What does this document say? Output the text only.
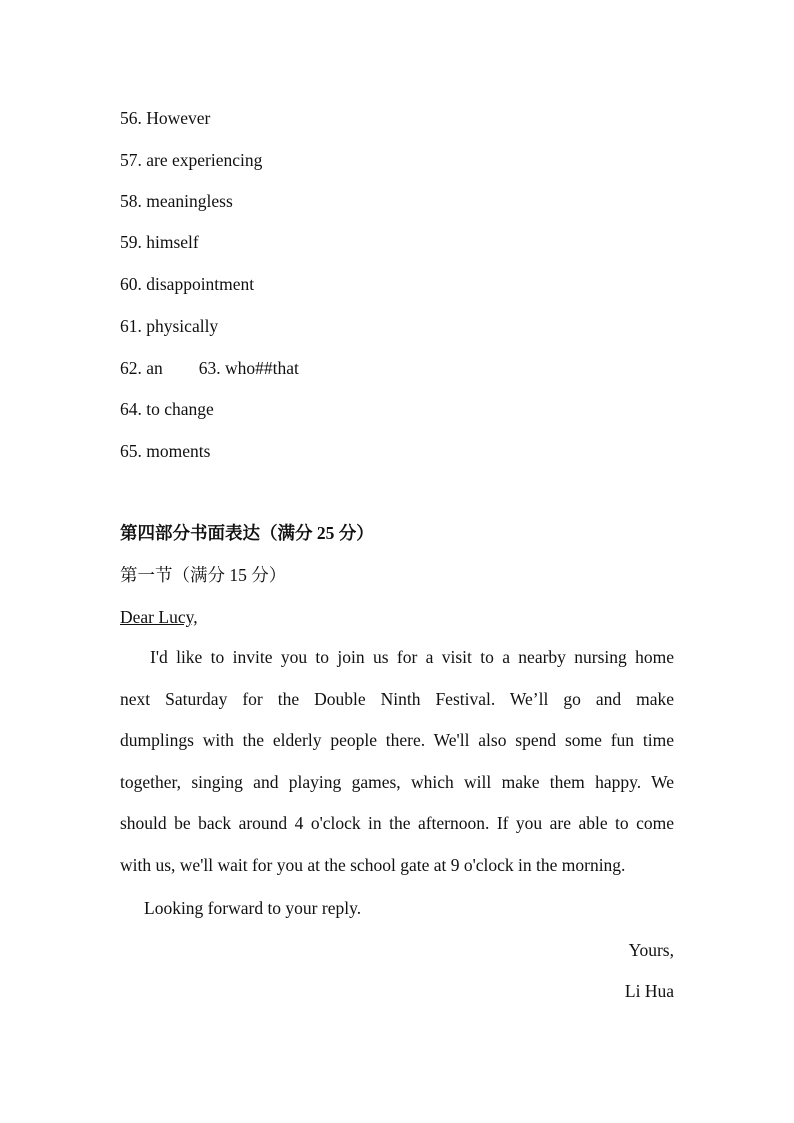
56. However
57. are experiencing
58. meaningless
59. himself
60. disappointment
61. physically
62. an 63. who##that
64. to change
65. moments
第四部分书面表达（满分 25 分）
第一节（满分 15 分）
Dear Lucy,
I'd like to invite you to join us for a visit to a nearby nursing home
next Saturday for the Double Ninth Festival. We’ll go and make
dumplings with the elderly people there. We'll also spend some fun time
together, singing and playing games, which will make them happy. We
should be back around 4 o'clock in the afternoon. If you are able to come
with us, we'll wait for you at the school gate at 9 o'clock in the morning.
Looking forward to your reply.
Yours,
Li Hua
